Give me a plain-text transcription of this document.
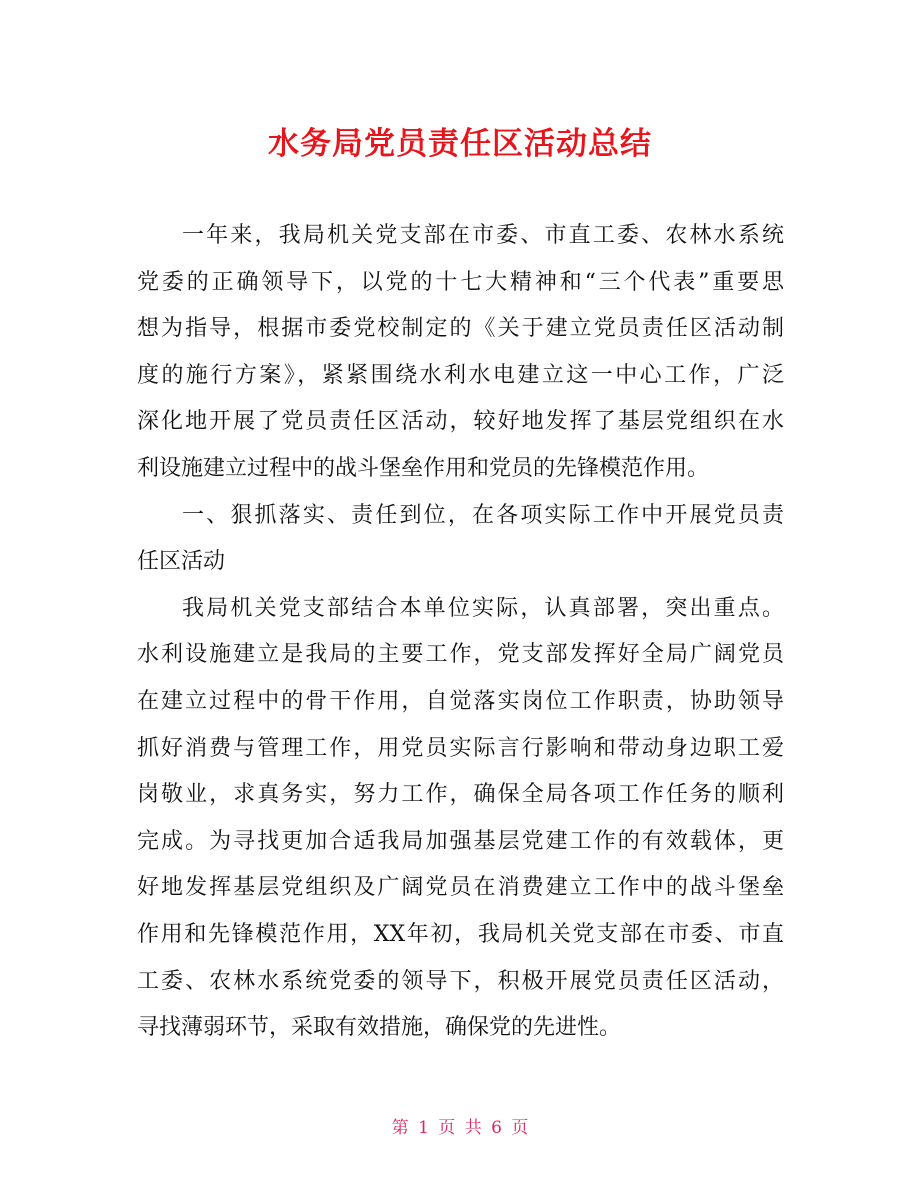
水务局党员责任区活动总结
一年来，我局机关党支部在市委、市直工委、农林水系统
党委的正确领导下，以党的十七大精神和“三个代表”重要思
想为指导，根据市委党校制定的《关于建立党员责任区活动制
度的施行方案》，紧紧围绕水利水电建立这一中心工作，广泛
深化地开展了党员责任区活动，较好地发挥了基层党组织在水
利设施建立过程中的战斗堡垒作用和党员的先锋模范作用。
一、狠抓落实、责任到位，在各项实际工作中开展党员责
任区活动
我局机关党支部结合本单位实际，认真部署，突出重点。
水利设施建立是我局的主要工作，党支部发挥好全局广阔党员
在建立过程中的骨干作用，自觉落实岗位工作职责，协助领导
抓好消费与管理工作，用党员实际言行影响和带动身边职工爱
岗敬业，求真务实，努力工作，确保全局各项工作任务的顺利
完成。为寻找更加合适我局加强基层党建工作的有效载体，更
好地发挥基层党组织及广阔党员在消费建立工作中的战斗堡垒
作用和先锋模范作用，XX年初，我局机关党支部在市委、市直
工委、农林水系统党委的领导下，积极开展党员责任区活动，
寻找薄弱环节，采取有效措施，确保党的先进性。
第 1 页 共 6 页
